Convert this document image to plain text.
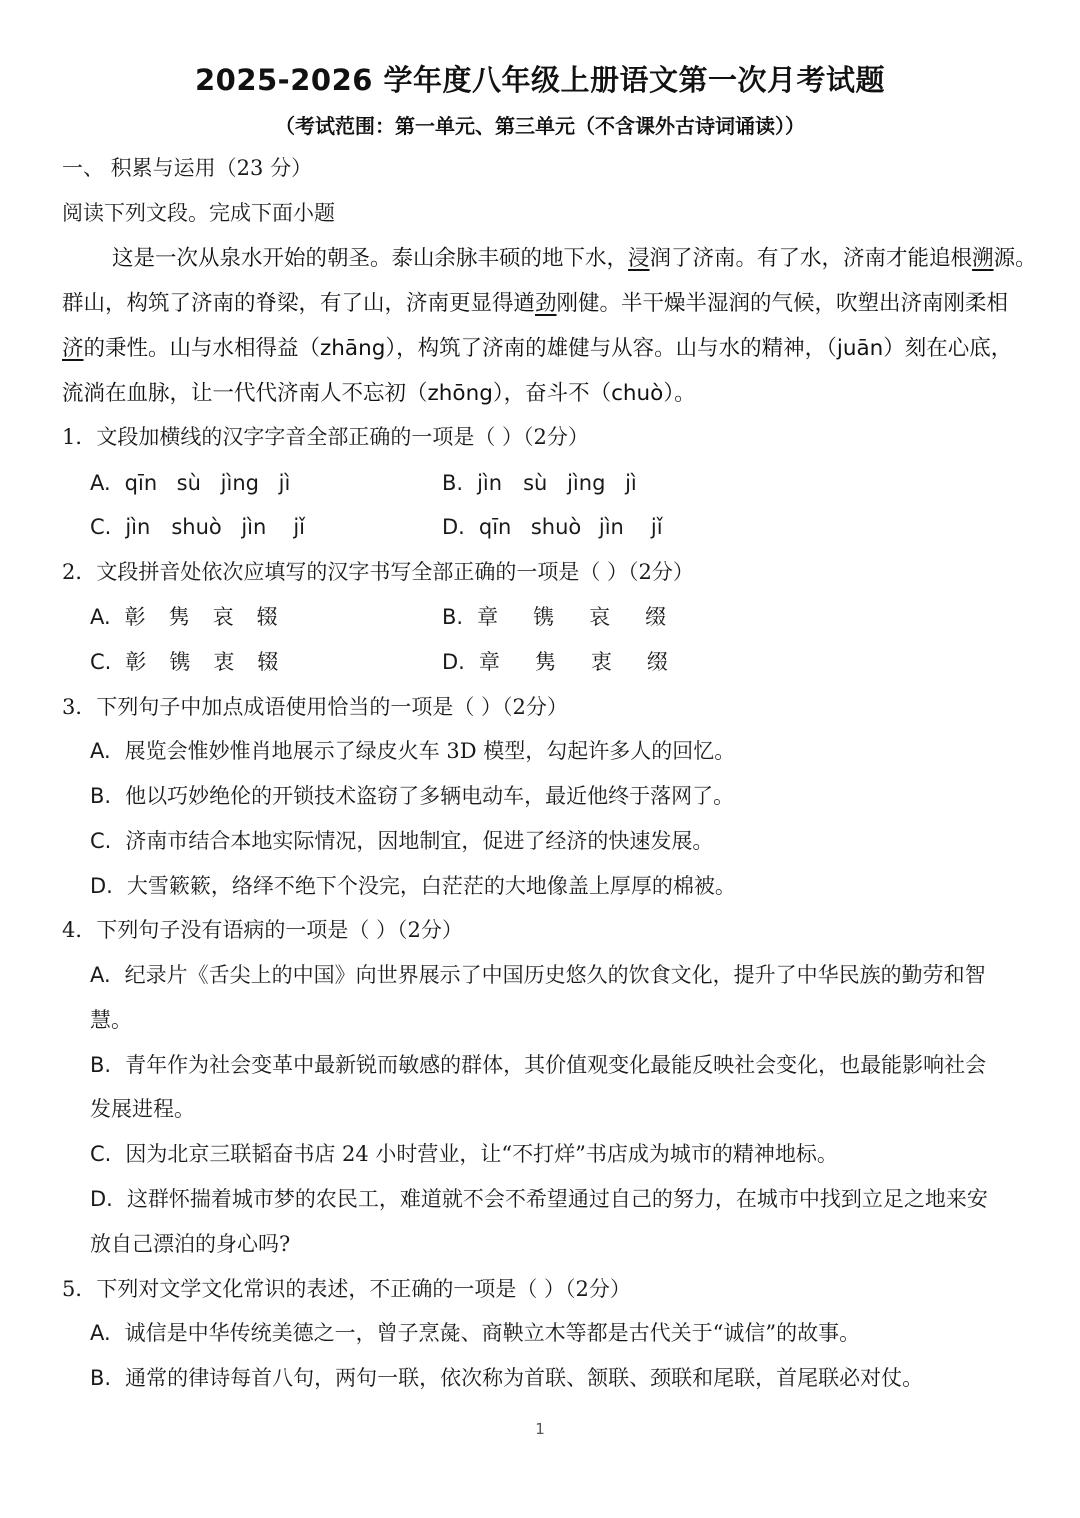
2025-2026 学年度八年级上册语文第一次月考试题
（考试范围：第一单元、第三单元（不含课外古诗词诵读））
一、 积累与运用（23 分）
阅读下列文段。完成下面小题
这是一次从泉水开始的朝圣。泰山余脉丰硕的地下水，浸润了济南。有了水，济南才能追根溯源。
群山，构筑了济南的脊梁，有了山，济南更显得遒劲刚健。半干燥半湿润的气候，吹塑出济南刚柔相
济的秉性。山与水相得益（zhāng），构筑了济南的雄健与从容。山与水的精神，（juān）刻在心底，
流淌在血脉，让一代代济南人不忘初（zhōng），奋斗不（chuò）。
1．文段加横线的汉字字音全部正确的一项是（ ）（2分）
A. qīn sù jìng jì	B. jìn sù jìng jì
C. jìn shuò jìn jǐ	D. qīn shuò jìn jǐ
2．文段拼音处依次应填写的汉字书写全部正确的一项是（ ）（2分）
A. 彰 隽 哀 辍	B. 章 镌 哀 缀
C. 彰 镌 衷 辍	D. 章 隽 衷 缀
3．下列句子中加点成语使用恰当的一项是（ ）（2分）
A. 展览会惟妙惟肖地展示了绿皮火车 3D 模型，勾起许多人的回忆。
B. 他以巧妙绝伦的开锁技术盗窃了多辆电动车，最近他终于落网了。
C. 济南市结合本地实际情况，因地制宜，促进了经济的快速发展。
D. 大雪簌簌，络绎不绝下个没完，白茫茫的大地像盖上厚厚的棉被。
4．下列句子没有语病的一项是（ ）（2分）
A. 纪录片《舌尖上的中国》向世界展示了中国历史悠久的饮食文化，提升了中华民族的勤劳和智
慧。
B. 青年作为社会变革中最新锐而敏感的群体，其价值观变化最能反映社会变化，也最能影响社会
发展进程。
C. 因为北京三联韬奋书店 24 小时营业，让“不打烊”书店成为城市的精神地标。
D. 这群怀揣着城市梦的农民工，难道就不会不希望通过自己的努力，在城市中找到立足之地来安
放自己漂泊的身心吗?
5．下列对文学文化常识的表述，不正确的一项是（ ）（2分）
A. 诚信是中华传统美德之一，曾子烹彘、商鞅立木等都是古代关于“诚信”的故事。
B. 通常的律诗每首八句，两句一联，依次称为首联、颔联、颈联和尾联，首尾联必对仗。
1
